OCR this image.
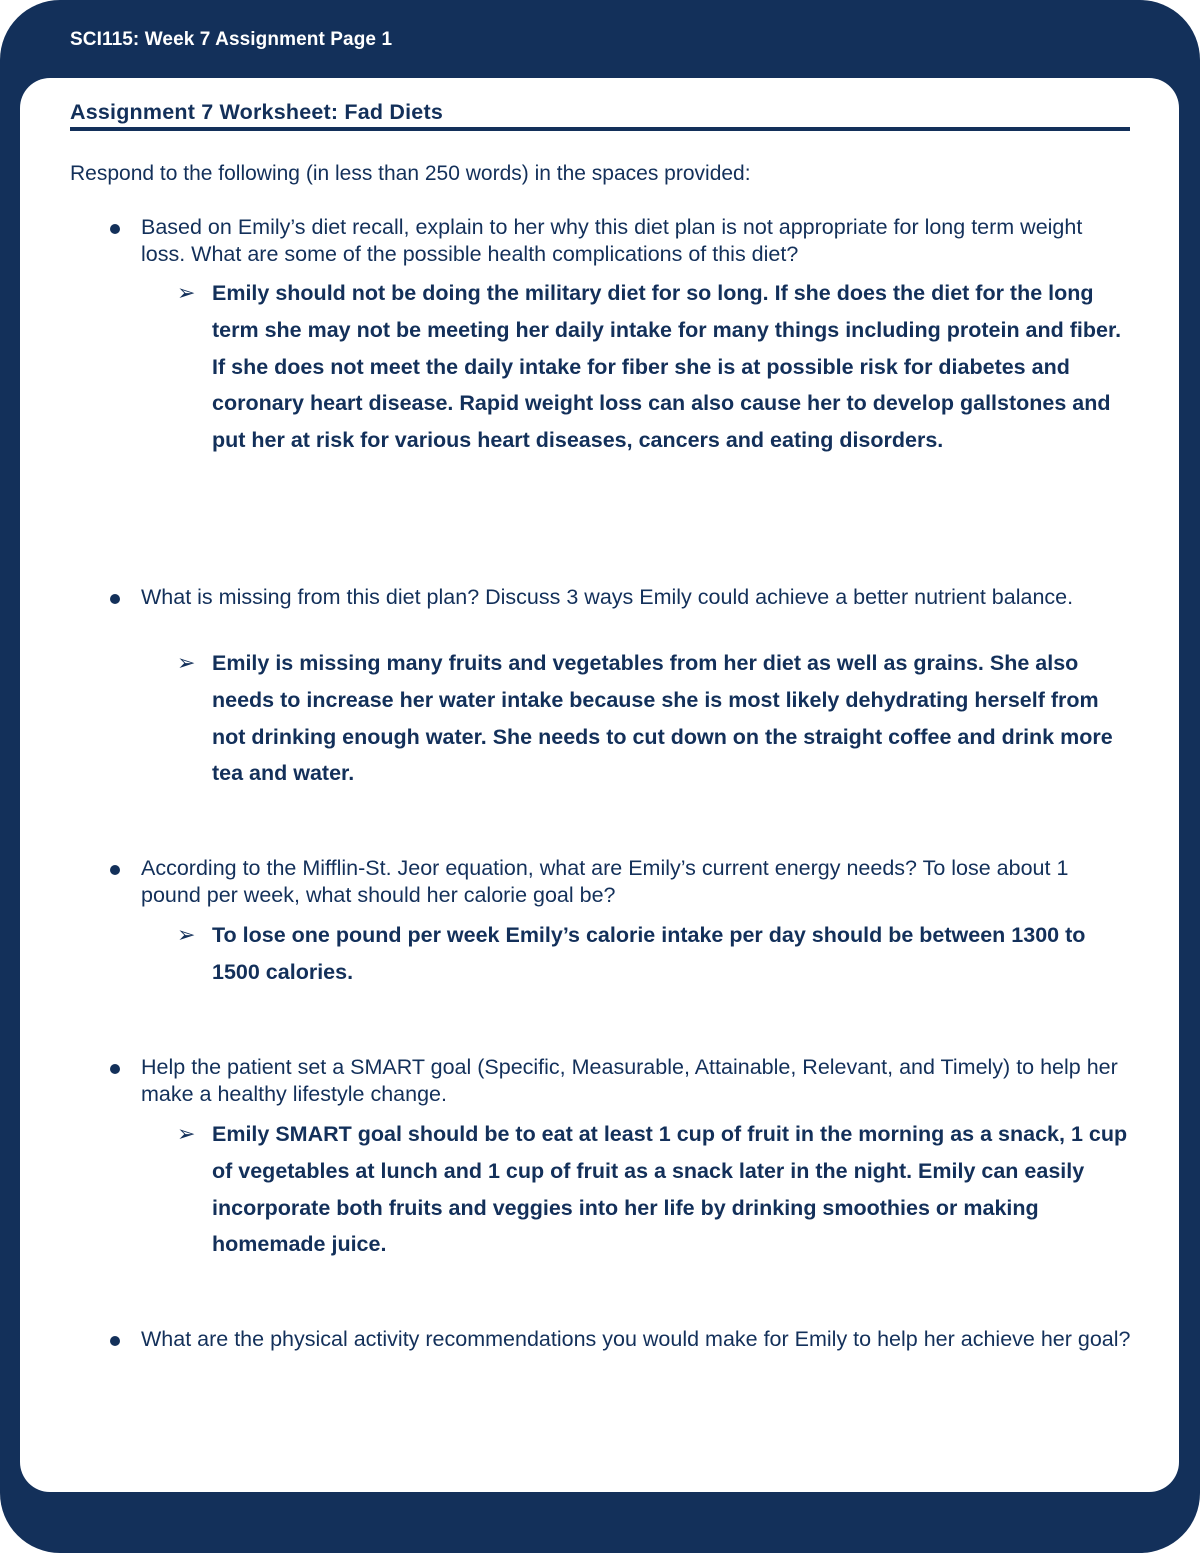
SCI115: Week 7 Assignment Page 1
Assignment 7 Worksheet: Fad Diets
Respond to the following (in less than 250 words) in the spaces provided:
Based on Emily’s diet recall, explain to her why this diet plan is not appropriate for long term weight loss. What are some of the possible health complications of this diet?
➢ Emily should not be doing the military diet for so long. If she does the diet for the long term she may not be meeting her daily intake for many things including protein and fiber. If she does not meet the daily intake for fiber she is at possible risk for diabetes and coronary heart disease. Rapid weight loss can also cause her to develop gallstones and put her at risk for various heart diseases, cancers and eating disorders.
What is missing from this diet plan? Discuss 3 ways Emily could achieve a better nutrient balance.
➢ Emily is missing many fruits and vegetables from her diet as well as grains. She also needs to increase her water intake because she is most likely dehydrating herself from not drinking enough water. She needs to cut down on the straight coffee and drink more tea and water.
According to the Mifflin-St. Jeor equation, what are Emily’s current energy needs? To lose about 1 pound per week, what should her calorie goal be?
➢ To lose one pound per week Emily’s calorie intake per day should be between 1300 to 1500 calories.
Help the patient set a SMART goal (Specific, Measurable, Attainable, Relevant, and Timely) to help her make a healthy lifestyle change.
➢ Emily SMART goal should be to eat at least 1 cup of fruit in the morning as a snack, 1 cup of vegetables at lunch and 1 cup of fruit as a snack later in the night. Emily can easily incorporate both fruits and veggies into her life by drinking smoothies or making homemade juice.
What are the physical activity recommendations you would make for Emily to help her achieve her goal?
